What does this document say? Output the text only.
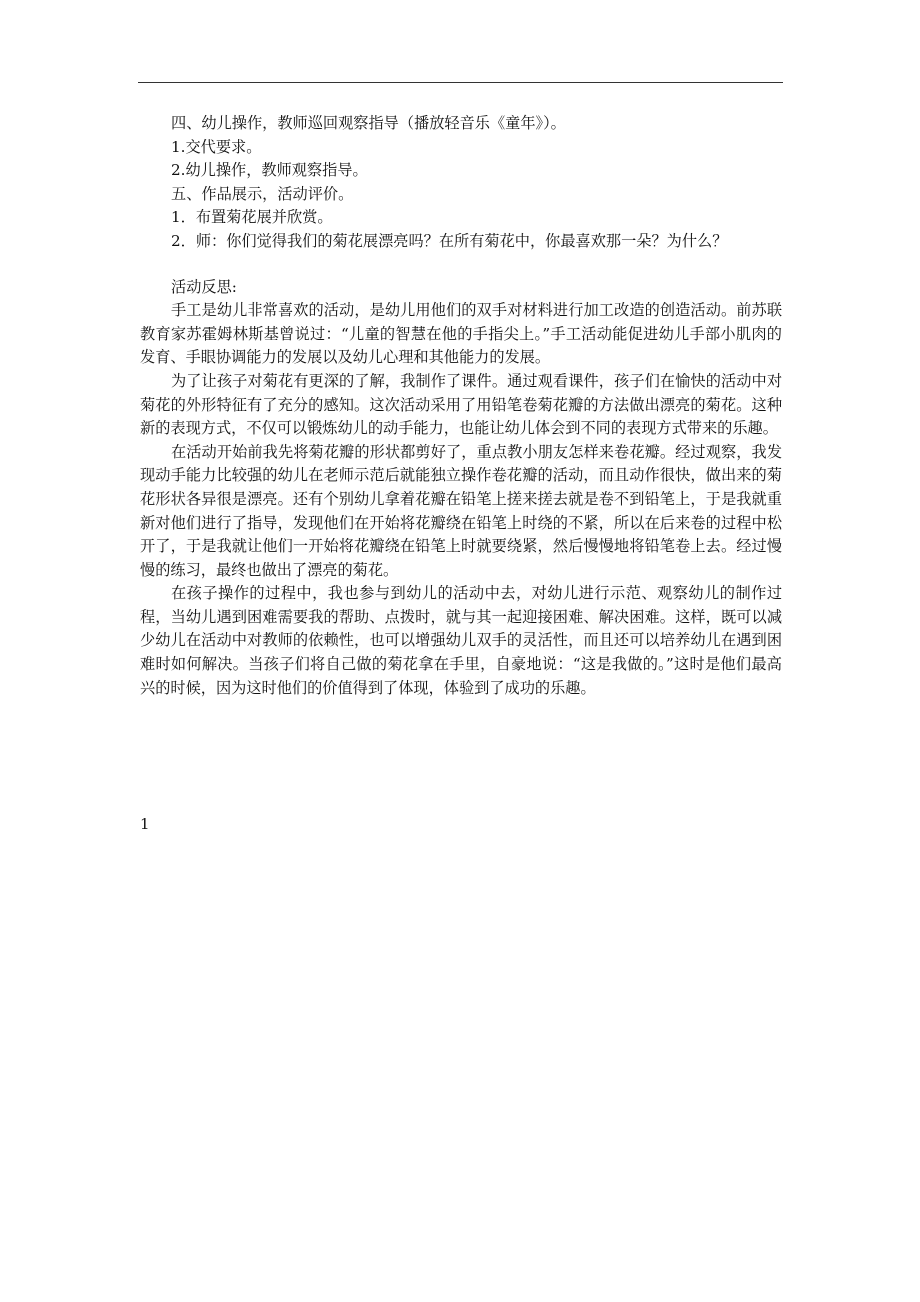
四、幼儿操作，教师巡回观察指导（播放轻音乐《童年》）。

1.交代要求。

2.幼儿操作，教师观察指导。

五、作品展示，活动评价。

1．布置菊花展并欣赏。

2．师：你们觉得我们的菊花展漂亮吗？在所有菊花中，你最喜欢那一朵？为什么？

活动反思:

手工是幼儿非常喜欢的活动，是幼儿用他们的双手对材料进行加工改造的创造活动。前苏联教育家苏霍姆林斯基曾说过：“儿童的智慧在他的手指尖上。”手工活动能促进幼儿手部小肌肉的发育、手眼协调能力的发展以及幼儿心理和其他能力的发展。

为了让孩子对菊花有更深的了解，我制作了课件。通过观看课件，孩子们在愉快的活动中对菊花的外形特征有了充分的感知。这次活动采用了用铅笔卷菊花瓣的方法做出漂亮的菊花。这种新的表现方式，不仅可以锻炼幼儿的动手能力，也能让幼儿体会到不同的表现方式带来的乐趣。

在活动开始前我先将菊花瓣的形状都剪好了，重点教小朋友怎样来卷花瓣。经过观察，我发现动手能力比较强的幼儿在老师示范后就能独立操作卷花瓣的活动，而且动作很快，做出来的菊花形状各异很是漂亮。还有个别幼儿拿着花瓣在铅笔上搓来搓去就是卷不到铅笔上，于是我就重新对他们进行了指导，发现他们在开始将花瓣绕在铅笔上时绕的不紧，所以在后来卷的过程中松开了，于是我就让他们一开始将花瓣绕在铅笔上时就要绕紧，然后慢慢地将铅笔卷上去。经过慢慢的练习，最终也做出了漂亮的菊花。

在孩子操作的过程中，我也参与到幼儿的活动中去，对幼儿进行示范、观察幼儿的制作过程，当幼儿遇到困难需要我的帮助、点拨时，就与其一起迎接困难、解决困难。这样，既可以减少幼儿在活动中对教师的依赖性，也可以增强幼儿双手的灵活性，而且还可以培养幼儿在遇到困难时如何解决。当孩子们将自己做的菊花拿在手里，自豪地说：“这是我做的。”这时是他们最高兴的时候，因为这时他们的价值得到了体现，体验到了成功的乐趣。

1
